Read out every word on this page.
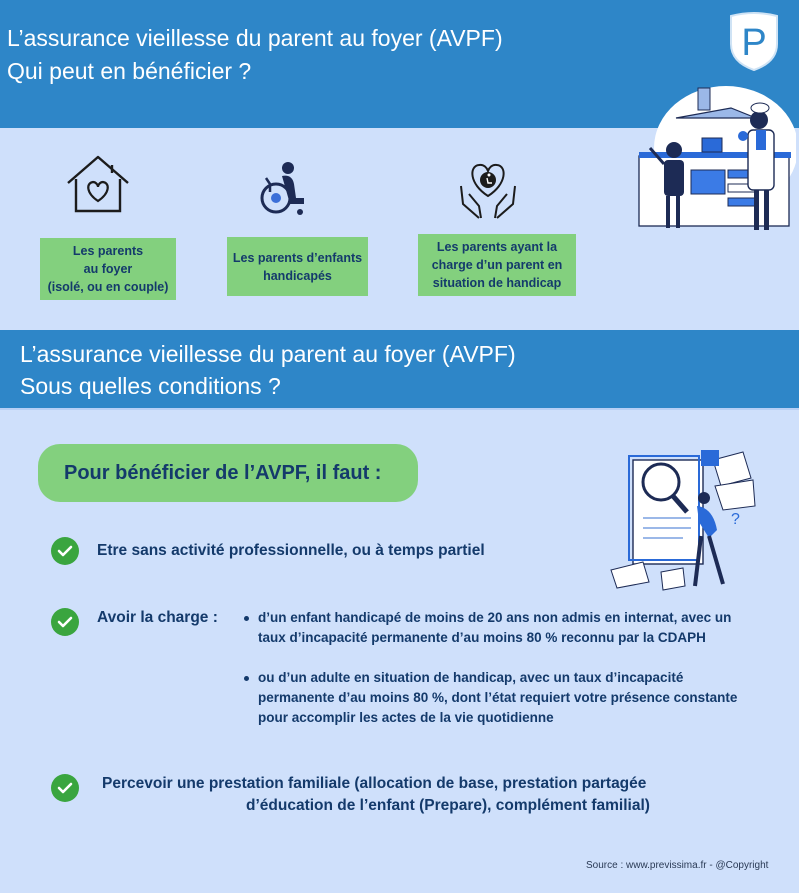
L’assurance vieillesse du parent au foyer (AVPF)
Qui peut en bénéficier ?
P
Les parents
au foyer
(isolé, ou en couple)
Les parents d’enfants
handicapés
Les parents ayant la
charge d’un parent en
situation de handicap
L’assurance vieillesse du parent au foyer (AVPF)
Sous quelles conditions ?
Pour bénéficier de l’AVPF, il faut :
?
Etre sans activité professionnelle, ou à temps partiel
Avoir la charge :	d’un enfant handicapé de moins de 20 ans non admis en internat, avec un
taux d’incapacité permanente d’au moins 80 % reconnu par la CDAPH
ou d’un adulte en situation de handicap, avec un taux d’incapacité
permanente d’au moins 80 %, dont l’état requiert votre présence constante
pour accomplir les actes de la vie quotidienne
Percevoir une prestation familiale (allocation de base, prestation partagée
d’éducation de l’enfant (Prepare), complément familial)
Source : www.previssima.fr - @Copyright
